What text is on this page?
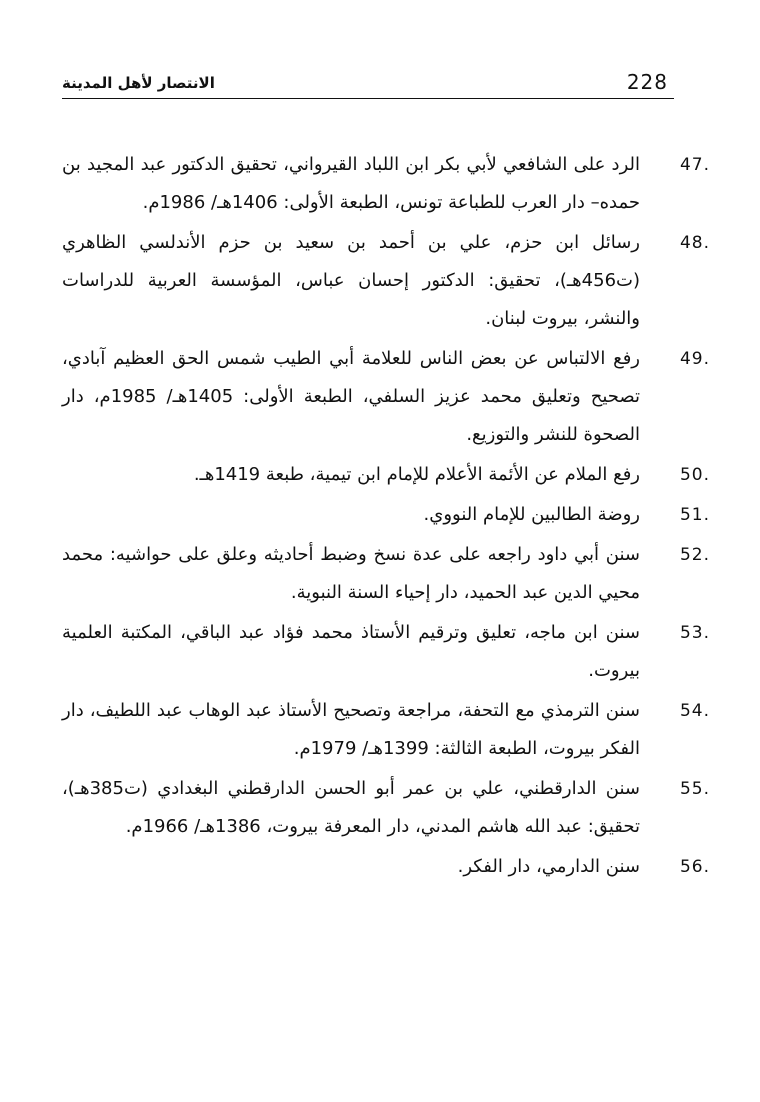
الانتصار لأهل المدينة	228
47.
الرد على الشافعي لأبي بكر ابن اللباد القيرواني، تحقيق الدكتور عبد المجيد بن حمده– دار العرب للطباعة تونس، الطبعة الأولى: 1406هـ/ 1986م.
48.
رسائل ابن حزم، علي بن أحمد بن سعيد بن حزم الأندلسي الظاهري (ت456هـ)، تحقيق: الدكتور إحسان عباس، المؤسسة العربية للدراسات والنشر، بيروت لبنان.
49.
رفع الالتباس عن بعض الناس للعلامة أبي الطيب شمس الحق العظيم آبادي، تصحيح وتعليق محمد عزيز السلفي، الطبعة الأولى: 1405هـ/ 1985م، دار الصحوة للنشر والتوزيع.
50.
رفع الملام عن الأئمة الأعلام للإمام ابن تيمية، طبعة 1419هـ.
51.
روضة الطالبين للإمام النووي.
52.
سنن أبي داود راجعه على عدة نسخ وضبط أحاديثه وعلق على حواشيه: محمد محيي الدين عبد الحميد، دار إحياء السنة النبوية.
53.
سنن ابن ماجه، تعليق وترقيم الأستاذ محمد فؤاد عبد الباقي، المكتبة العلمية بيروت.
54.
سنن الترمذي مع التحفة، مراجعة وتصحيح الأستاذ عبد الوهاب عبد اللطيف، دار الفكر بيروت، الطبعة الثالثة: 1399هـ/ 1979م.
55.
سنن الدارقطني، علي بن عمر أبو الحسن الدارقطني البغدادي (ت385هـ)، تحقيق: عبد الله هاشم المدني، دار المعرفة بيروت، 1386هـ/ 1966م.
56.
سنن الدارمي، دار الفكر.
